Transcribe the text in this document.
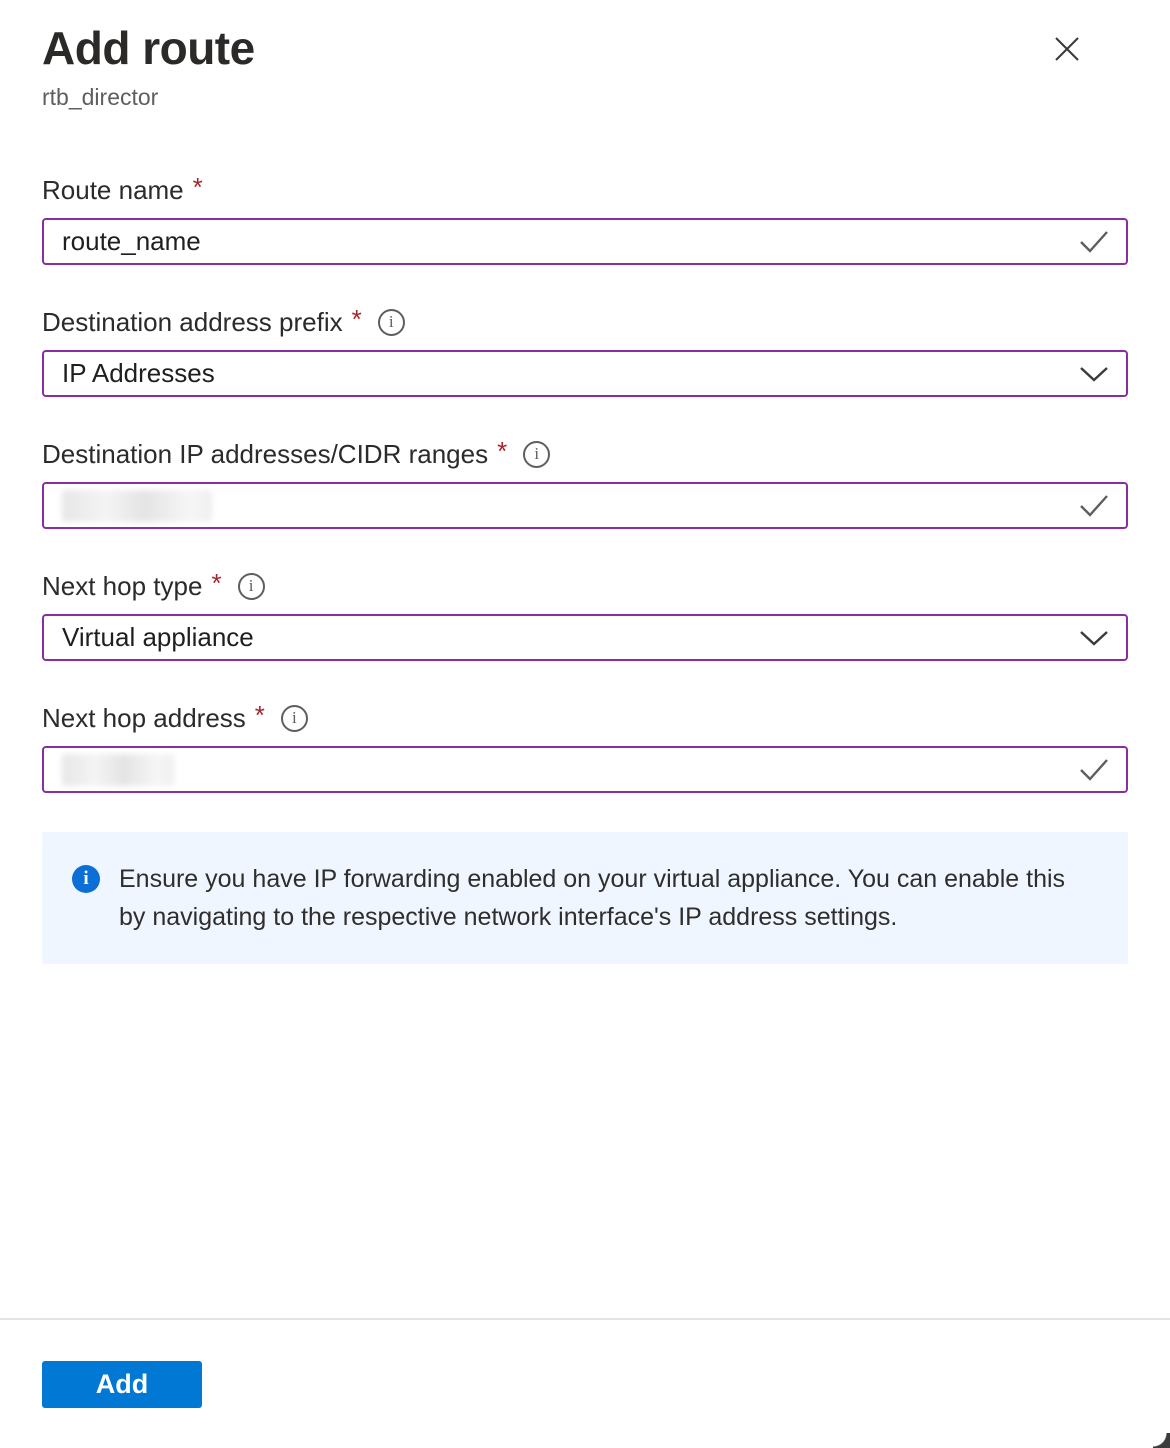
Add route
rtb_director
Route name *
route_name
Destination address prefix *	i
IP Addresses
Destination IP addresses/CIDR ranges *	i
Next hop type *	i
Virtual appliance
Next hop address *	i
i	Ensure you have IP forwarding enabled on your virtual appliance. You can enable this by navigating to the respective network interface's IP address settings.
Add
